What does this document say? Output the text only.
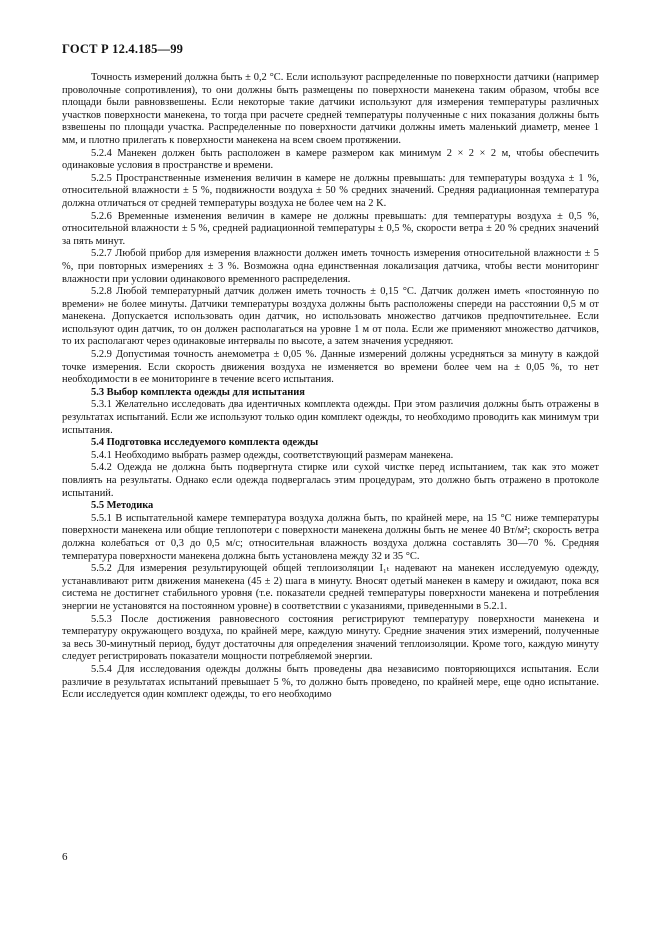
ГОСТ Р 12.4.185—99

Точность измерений должна быть ± 0,2 °С. Если используют распределенные по поверхности датчики (например проволочные сопротивления), то они должны быть размещены по поверхности манекена таким образом, чтобы все площади были равновзвешены. Если некоторые такие датчики используют для измерения температуры различных участков поверхности манекена, то тогда при расчете средней температуры полученные с них показания должны быть взвешены по площади участка. Распределенные по поверхности датчики должны иметь маленький диаметр, менее 1 мм, и плотно прилегать к поверхности манекена на всем своем протяжении.

5.2.4 Манекен должен быть расположен в камере размером как минимум 2 × 2 × 2 м, чтобы обеспечить одинаковые условия в пространстве и времени.

5.2.5 Пространственные изменения величин в камере не должны превышать: для температуры воздуха ± 1 %, относительной влажности ± 5 %, подвижности воздуха ± 50 % средних значений. Средняя радиационная температура должна отличаться от средней температуры воздуха не более чем на 2 K.

5.2.6 Временные изменения величин в камере не должны превышать: для температуры воздуха ± 0,5 %, относительной влажности ± 5 %, средней радиационной температуры ± 0,5 %, скорости ветра ± 20 % средних значений за пять минут.

5.2.7 Любой прибор для измерения влажности должен иметь точность измерения относительной влажности ± 5 %, при повторных измерениях ± 3 %. Возможна одна единственная локализация датчика, чтобы вести мониторинг влажности при условии одинакового временного распределения.

5.2.8 Любой температурный датчик должен иметь точность ± 0,15 °С. Датчик должен иметь «постоянную по времени» не более минуты. Датчики температуры воздуха должны быть расположены спереди на расстоянии 0,5 м от манекена. Допускается использовать один датчик, но использовать множество датчиков предпочтительнее. Если используют один датчик, то он должен располагаться на уровне 1 м от пола. Если же применяют множество датчиков, то их располагают через одинаковые интервалы по высоте, а затем значения усредняют.

5.2.9 Допустимая точность анемометра ± 0,05 %. Данные измерений должны усредняться за минуту в каждой точке измерения. Если скорость движения воздуха не изменяется во времени более чем на ± 0,05 %, то нет необходимости в ее мониторинге в течение всего испытания.

5.3 Выбор комплекта одежды для испытания

5.3.1 Желательно исследовать два идентичных комплекта одежды. При этом различия должны быть отражены в результатах испытаний. Если же используют только один комплект одежды, то необходимо проводить как минимум три испытания.

5.4 Подготовка исследуемого комплекта одежды

5.4.1 Необходимо выбрать размер одежды, соответствующий размерам манекена.

5.4.2 Одежда не должна быть подвергнута стирке или сухой чистке перед испытанием, так как это может повлиять на результаты. Однако если одежда подвергалась этим процедурам, это должно быть отражено в протоколе испытаний.

5.5 Методика

5.5.1 В испытательной камере температура воздуха должна быть, по крайней мере, на 15 °С ниже температуры поверхности манекена или общие теплопотери с поверхности манекена должны быть не менее 40 Вт/м²; скорость ветра должна колебаться от 0,3 до 0,5 м/с; относительная влажность воздуха должна составлять 30—70 %. Средняя температура поверхности манекена должна быть установлена между 32 и 35 °С.

5.5.2 Для измерения результирующей общей теплоизоляции I₁ₜ надевают на манекен исследуемую одежду, устанавливают ритм движения манекена (45 ± 2) шага в минуту. Вносят одетый манекен в камеру и ожидают, пока вся система не достигнет стабильного уровня (т.е. показатели средней температуры поверхности манекена и потребления энергии не установятся на постоянном уровне) в соответствии с указаниями, приведенными в 5.2.1.

5.5.3 После достижения равновесного состояния регистрируют температуру поверхности манекена и температуру окружающего воздуха, по крайней мере, каждую минуту. Средние значения этих измерений, полученные за весь 30-минутный период, будут достаточны для определения значений теплоизоляции. Кроме того, каждую минуту следует регистрировать показатели мощности потребляемой энергии.

5.5.4 Для исследования одежды должны быть проведены два независимо повторяющихся испытания. Если различие в результатах испытаний превышает 5 %, то должно быть проведено, по крайней мере, еще одно испытание. Если исследуется один комплект одежды, то его необходимо

6
